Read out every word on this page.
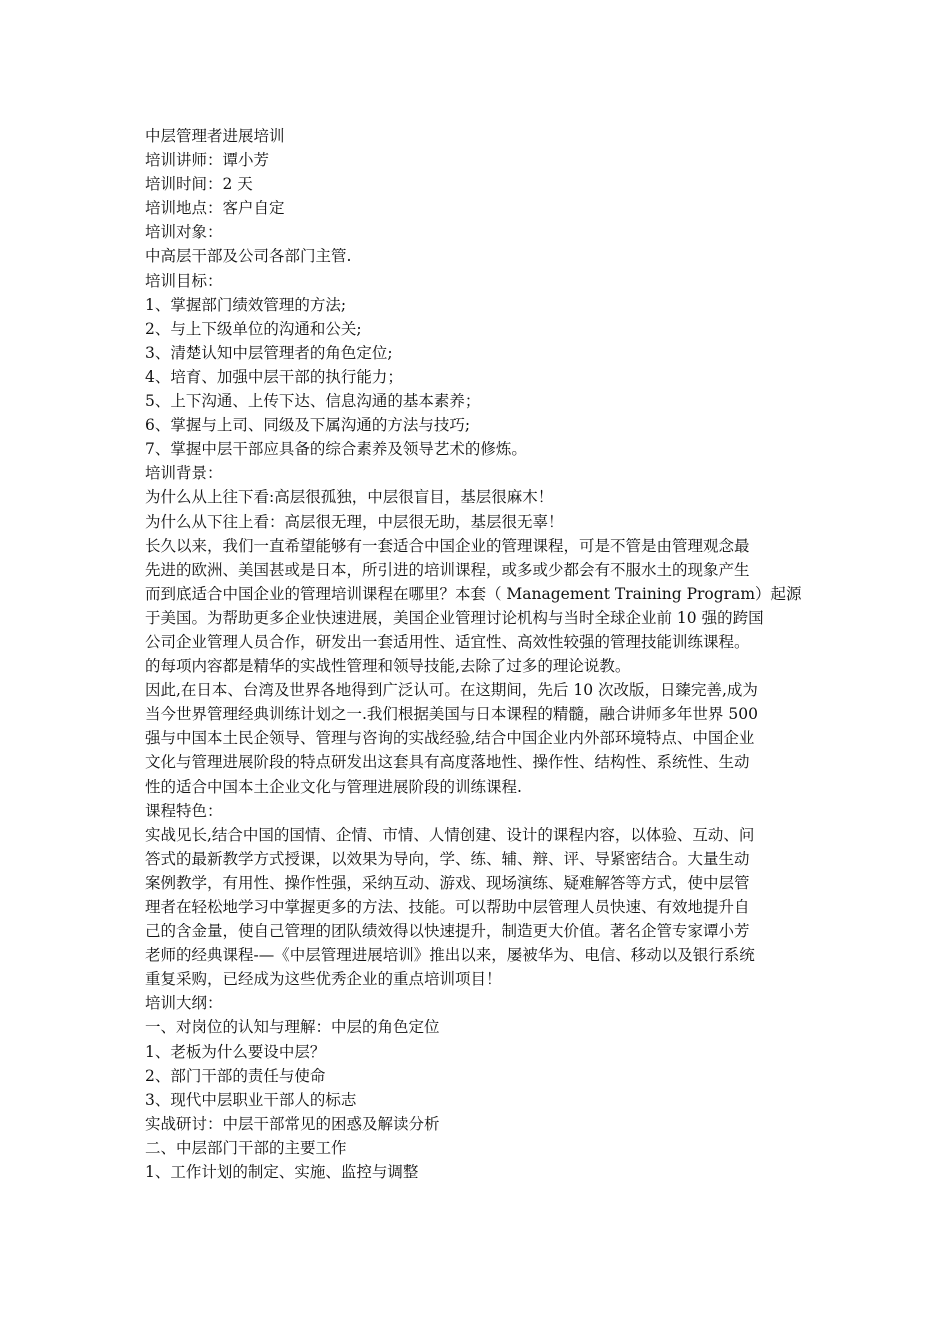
中层管理者进展培训
培训讲师：谭小芳
培训时间：2 天
培训地点：客户自定
培训对象：
中高层干部及公司各部门主管.
培训目标：
1、掌握部门绩效管理的方法;
2、与上下级单位的沟通和公关;
3、清楚认知中层管理者的角色定位;
4、培育、加强中层干部的执行能力；
5、上下沟通、上传下达、信息沟通的基本素养；
6、掌握与上司、同级及下属沟通的方法与技巧;
7、掌握中层干部应具备的综合素养及领导艺术的修炼。
培训背景：
为什么从上往下看:高层很孤独，中层很盲目，基层很麻木！
为什么从下往上看：高层很无理，中层很无助，基层很无辜！
长久以来，我们一直希望能够有一套适合中国企业的管理课程，可是不管是由管理观念最
先进的欧洲、美国甚或是日本，所引进的培训课程，或多或少都会有不服水土的现象产生
而到底适合中国企业的管理培训课程在哪里？本套（ Management Training Program）起源
于美国。为帮助更多企业快速进展，美国企业管理讨论机构与当时全球企业前 10 强的跨国
公司企业管理人员合作，研发出一套适用性、适宜性、高效性较强的管理技能训练课程。
的每项内容都是精华的实战性管理和领导技能,去除了过多的理论说教。
因此,在日本、台湾及世界各地得到广泛认可。在这期间，先后 10 次改版，日臻完善,成为
当今世界管理经典训练计划之一.我们根据美国与日本课程的精髓，融合讲师多年世界 500
强与中国本土民企领导、管理与咨询的实战经验,结合中国企业内外部环境特点、中国企业
文化与管理进展阶段的特点研发出这套具有高度落地性、操作性、结构性、系统性、生动
性的适合中国本土企业文化与管理进展阶段的训练课程.
课程特色：
实战见长,结合中国的国情、企情、市情、人情创建、设计的课程内容，以体验、互动、问
答式的最新教学方式授课，以效果为导向，学、练、辅、辩、评、导紧密结合。大量生动
案例教学，有用性、操作性强，采纳互动、游戏、现场演练、疑难解答等方式，使中层管
理者在轻松地学习中掌握更多的方法、技能。可以帮助中层管理人员快速、有效地提升自
己的含金量，使自己管理的团队绩效得以快速提升，制造更大价值。著名企管专家谭小芳
老师的经典课程-—《中层管理进展培训》推出以来，屡被华为、电信、移动以及银行系统
重复采购，已经成为这些优秀企业的重点培训项目！
培训大纲：
一、对岗位的认知与理解：中层的角色定位
1、老板为什么要设中层？
2、部门干部的责任与使命
3、现代中层职业干部人的标志
实战研讨：中层干部常见的困惑及解读分析
二、中层部门干部的主要工作
1、工作计划的制定、实施、监控与调整
